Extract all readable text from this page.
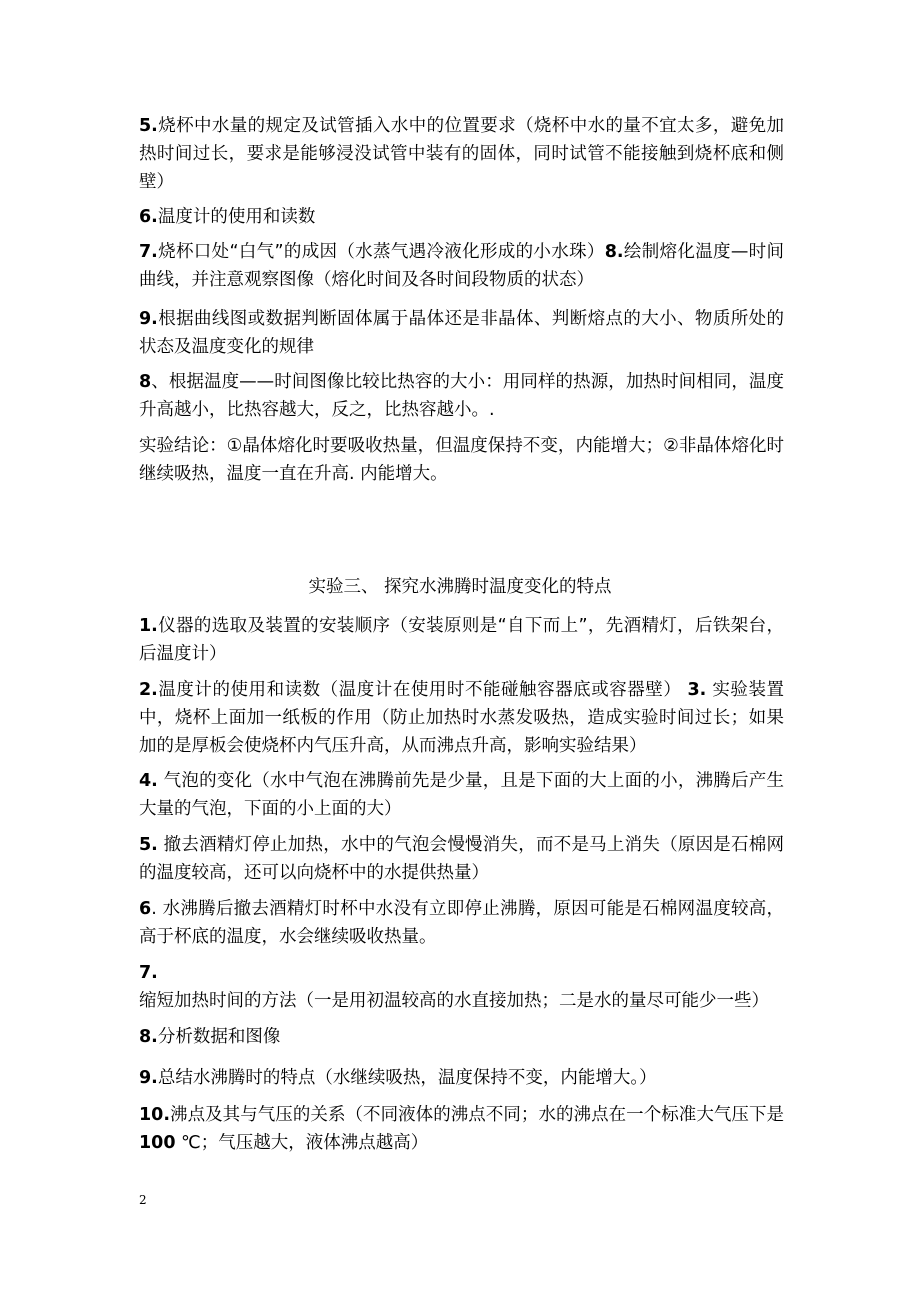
5.烧杯中水量的规定及试管插入水中的位置要求（烧杯中水的量不宜太多，避免加热时间过长，要求是能够浸没试管中装有的固体，同时试管不能接触到烧杯底和侧壁）

6.温度计的使用和读数

7.烧杯口处“白气”的成因（水蒸气遇冷液化形成的小水珠）8.绘制熔化温度—时间曲线，并注意观察图像（熔化时间及各时间段物质的状态）

9.根据曲线图或数据判断固体属于晶体还是非晶体、判断熔点的大小、物质所处的状态及温度变化的规律

8、根据温度——时间图像比较比热容的大小：用同样的热源，加热时间相同，温度升高越小，比热容越大，反之，比热容越小。.

实验结论：①晶体熔化时要吸收热量，但温度保持不变，内能增大；②非晶体熔化时继续吸热，温度一直在升高. 内能增大。

实验三、 探究水沸腾时温度变化的特点

1.仪器的选取及装置的安装顺序（安装原则是“自下而上”，先酒精灯，后铁架台，后温度计）

2.温度计的使用和读数（温度计在使用时不能碰触容器底或容器壁） 3. 实验装置中，烧杯上面加一纸板的作用（防止加热时水蒸发吸热，造成实验时间过长；如果加的是厚板会使烧杯内气压升高，从而沸点升高，影响实验结果）

4. 气泡的变化（水中气泡在沸腾前先是少量，且是下面的大上面的小，沸腾后产生大量的气泡，下面的小上面的大）

5. 撤去酒精灯停止加热，水中的气泡会慢慢消失，而不是马上消失（原因是石棉网的温度较高，还可以向烧杯中的水提供热量）

6. 水沸腾后撤去酒精灯时杯中水没有立即停止沸腾，原因可能是石棉网温度较高，高于杯底的温度，水会继续吸收热量。

7.缩短加热时间的方法（一是用初温较高的水直接加热；二是水的量尽可能少一些）

8.分析数据和图像

9.总结水沸腾时的特点（水继续吸热，温度保持不变，内能增大。）

10.沸点及其与气压的关系（不同液体的沸点不同；水的沸点在一个标准大气压下是 100 ℃；气压越大，液体沸点越高）

2
